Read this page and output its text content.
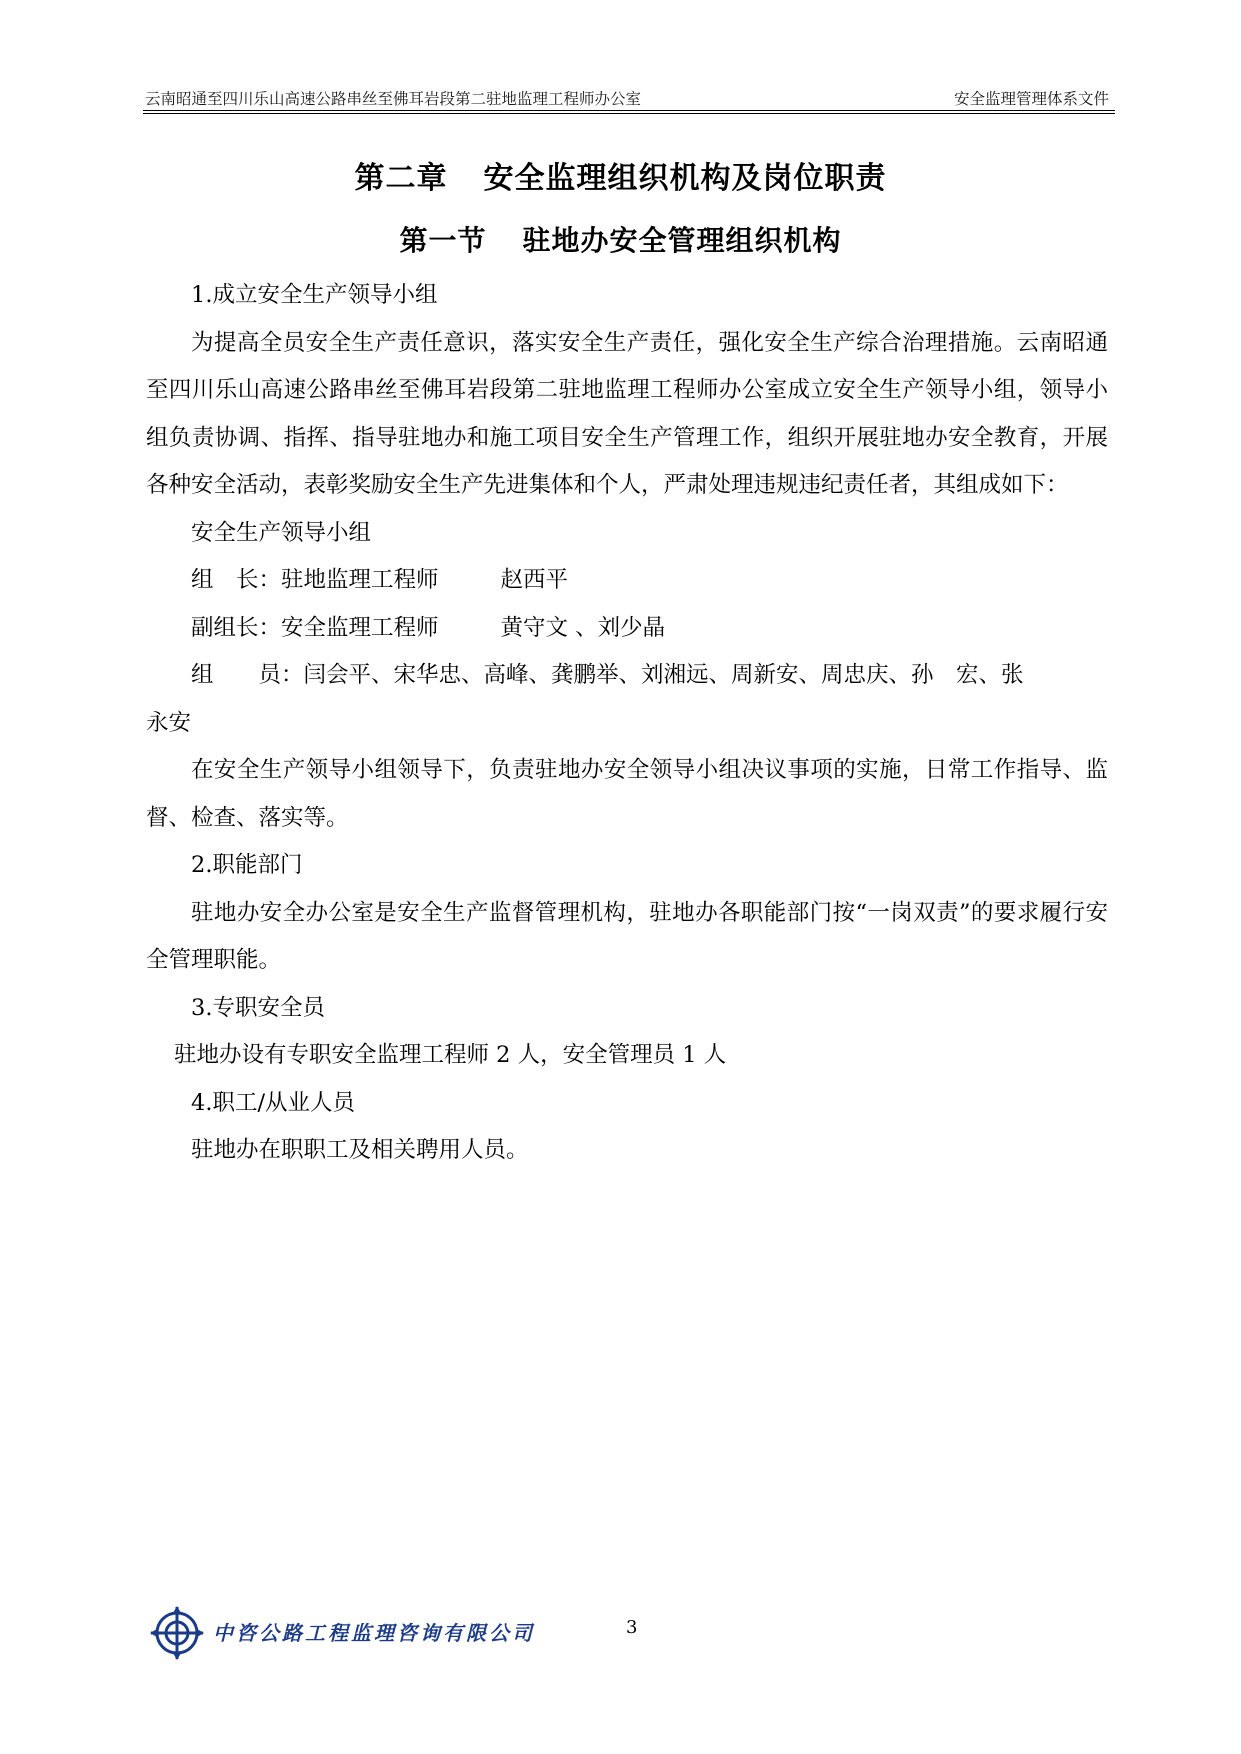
云南昭通至四川乐山高速公路串丝至佛耳岩段第二驻地监理工程师办公室	安全监理管理体系文件
第二章 安全监理组织机构及岗位职责
第一节 驻地办安全管理组织机构

1.成立安全生产领导小组

为提高全员安全生产责任意识，落实安全生产责任，强化安全生产综合治理措施。云南昭通至四川乐山高速公路串丝至佛耳岩段第二驻地监理工程师办公室成立安全生产领导小组，领导小组负责协调、指挥、指导驻地办和施工项目安全生产管理工作，组织开展驻地办安全教育，开展各种安全活动，表彰奖励安全生产先进集体和个人，严肃处理违规违纪责任者，其组成如下：

安全生产领导小组

组　长：驻地监理工程师	赵西平

副组长：安全监理工程师	黄守文 、刘少晶

组　　员：闫会平、宋华忠、高峰、龚鹏举、刘湘远、周新安、周忠庆、孙　宏、张

永安

在安全生产领导小组领导下，负责驻地办安全领导小组决议事项的实施，日常工作指导、监督、检查、落实等。

2.职能部门

驻地办安全办公室是安全生产监督管理机构，驻地办各职能部门按“一岗双责”的要求履行安全管理职能。

3.专职安全员

驻地办设有专职安全监理工程师 2 人，安全管理员 1 人

4.职工/从业人员

驻地办在职职工及相关聘用人员。

中咨公路工程监理咨询有限公司	3
